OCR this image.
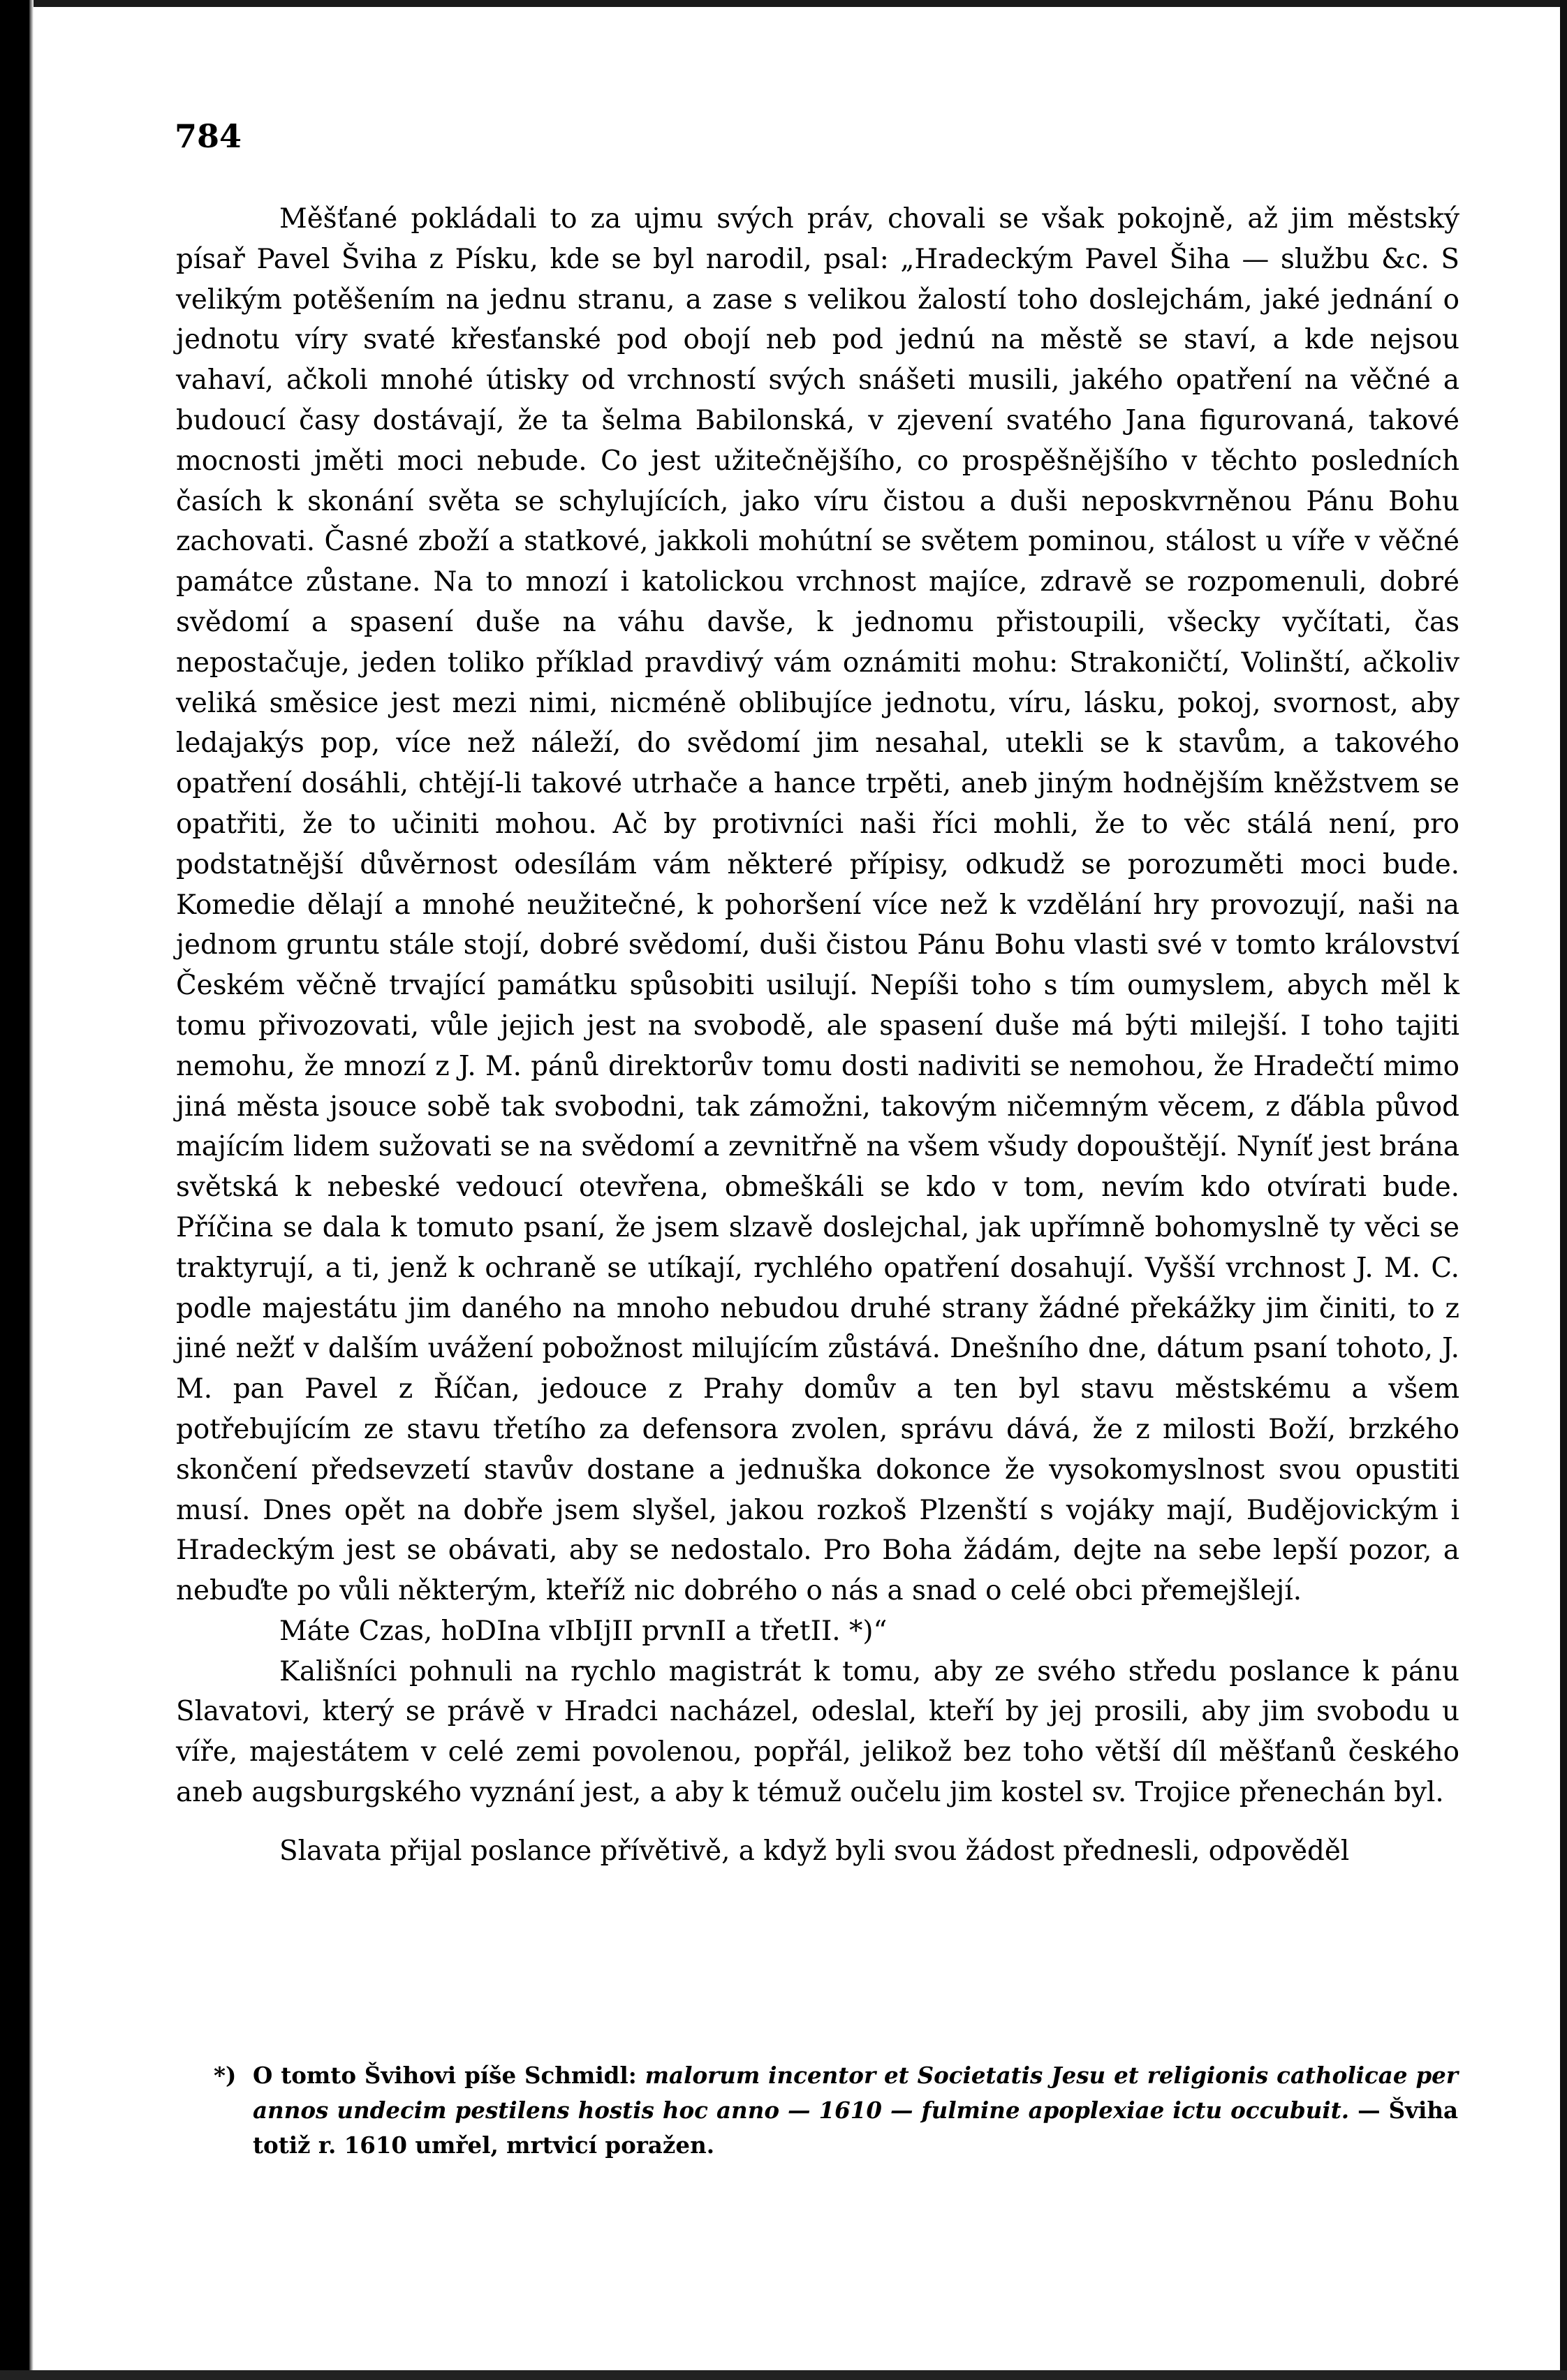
784

Měšťané pokládali to za ujmu svých práv, chovali se však pokojně, až jim městský písař Pavel Šviha z Písku, kde se byl narodil, psal: „Hradeckým Pavel Šiha — službu &c. S velikým potěšením na jednu stranu, a zase s velikou žalostí toho doslejchám, jaké jednání o jednotu víry svaté křesťanské pod obojí neb pod jednú na městě se staví, a kde nejsou vahaví, ačkoli mnohé útisky od vrchností svých snášeti musili, jakého opatření na věčné a budoucí časy dostávají, že ta šelma Babilonská, v zjevení svatého Jana figurovaná, takové mocnosti jměti moci nebude. Co jest užitečnějšího, co prospěšnějšího v těchto posledních časích k skonání světa se schylujících, jako víru čistou a duši neposkvrněnou Pánu Bohu zachovati. Časné zboží a statkové, jakkoli mohútní se světem pominou, stálost u víře v věčné památce zůstane. Na to mnozí i katolickou vrchnost majíce, zdravě se rozpomenuli, dobré svědomí a spasení duše na váhu davše, k jednomu přistoupili, všecky vyčítati, čas nepostačuje, jeden toliko příklad pravdivý vám oznámiti mohu: Strakoničtí, Volinští, ačkoliv veliká směsice jest mezi nimi, nicméně oblibujíce jednotu, víru, lásku, pokoj, svornost, aby ledajakýs pop, více než náleží, do svědomí jim nesahal, utekli se k stavům, a takového opatření dosáhli, chtějí-li takové utrhače a hance trpěti, aneb jiným hodnějším kněžstvem se opatřiti, že to učiniti mohou. Ač by protivníci naši říci mohli, že to věc stálá není, pro podstatnější důvěrnost odesílám vám některé přípisy, odkudž se porozuměti moci bude. Komedie dělají a mnohé neužitečné, k pohoršení více než k vzdělání hry provozují, naši na jednom gruntu stále stojí, dobré svědomí, duši čistou Pánu Bohu vlasti své v tomto království Českém věčně trvající památku spůsobiti usilují. Nepíši toho s tím oumyslem, abych měl k tomu přivozovati, vůle jejich jest na svobodě, ale spasení duše má býti milejší. I toho tajiti nemohu, že mnozí z J. M. pánů direktorův tomu dosti nadiviti se nemohou, že Hradečtí mimo jiná města jsouce sobě tak svobodni, tak zámožni, takovým ničemným věcem, z ďábla původ majícím lidem sužovati se na svědomí a zevnitřně na všem všudy dopouštějí. Nyníť jest brána světská k nebeské vedoucí otevřena, obmeškáli se kdo v tom, nevím kdo otvírati bude. Příčina se dala k tomuto psaní, že jsem slzavě doslejchal, jak upřímně bohomyslně ty věci se traktyrují, a ti, jenž k ochraně se utíkají, rychlého opatření dosahují. Vyšší vrchnost J. M. C. podle majestátu jim daného na mnoho nebudou druhé strany žádné překážky jim činiti, to z jiné nežť v dalším uvážení pobožnost milujícím zůstává. Dnešního dne, dátum psaní tohoto, J. M. pan Pavel z Říčan, jedouce z Prahy domův a ten byl stavu městskému a všem potřebujícím ze stavu třetího za defensora zvolen, správu dává, že z milosti Boží, brzkého skončení předsevzetí stavův dostane a jednuška dokonce že vysokomyslnost svou opustiti musí. Dnes opět na dobře jsem slyšel, jakou rozkoš Plzenští s vojáky mají, Budějovickým i Hradeckým jest se obávati, aby se nedostalo. Pro Boha žádám, dejte na sebe lepší pozor, a nebuďte po vůli některým, kteříž nic dobrého o nás a snad o celé obci přemejšlejí.

Máte Czas, hoDIna vIbIjII prvnII a třetII. *)“

Kališníci pohnuli na rychlo magistrát k tomu, aby ze svého středu poslance k pánu Slavatovi, který se právě v Hradci nacházel, odeslal, kteří by jej prosili, aby jim svobodu u víře, majestátem v celé zemi povolenou, popřál, jelikož bez toho větší díl měšťanů českého aneb augsburgského vyznání jest, a aby k témuž oučelu jim kostel sv. Trojice přenechán byl.

Slavata přijal poslance přívětivě, a když byli svou žádost přednesli, odpověděl

*) O tomto Švihovi píše Schmidl: malorum incentor et Societatis Jesu et religionis catholicae per annos undecim pestilens hostis hoc anno — 1610 — fulmine apoplexiae ictu occubuit. — Šviha totiž r. 1610 umřel, mrtvicí poražen.
